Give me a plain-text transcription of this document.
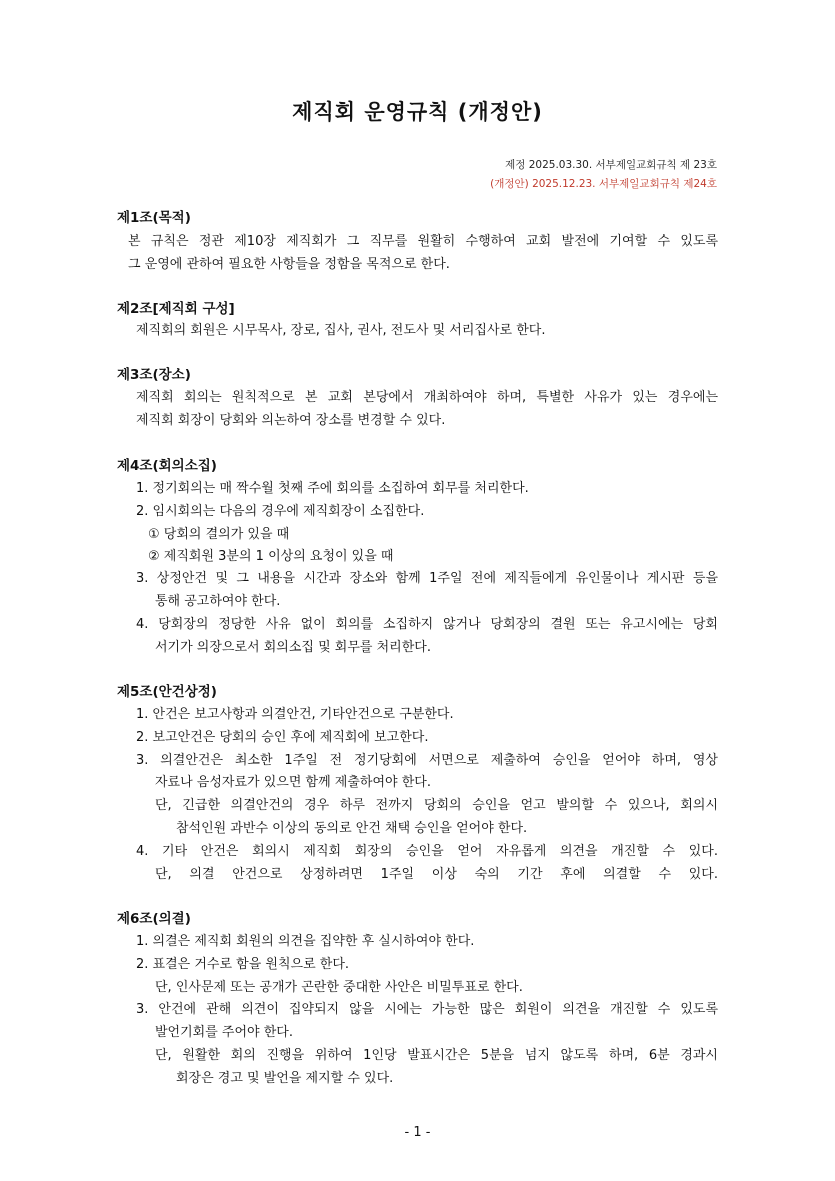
제직회 운영규칙 (개정안)
제정 2025.03.30. 서부제일교회규칙 제 23호
(개정안) 2025.12.23. 서부제일교회규칙 제24호
제1조(목적)
본 규칙은 정관 제10장 제직회가 그 직무를 원활히 수행하여 교회 발전에 기여할 수 있도록
그 운영에 관하여 필요한 사항들을 정함을 목적으로 한다.
제2조[제직회 구성]
제직회의 회원은 시무목사, 장로, 집사, 권사, 전도사 및 서리집사로 한다.
제3조(장소)
제직회 회의는 원칙적으로 본 교회 본당에서 개최하여야 하며, 특별한 사유가 있는 경우에는
제직회 회장이 당회와 의논하여 장소를 변경할 수 있다.
제4조(회의소집)
1. 정기회의는 매 짝수월 첫째 주에 회의를 소집하여 회무를 처리한다.
2. 임시회의는 다음의 경우에 제직회장이 소집한다.
① 당회의 결의가 있을 때
② 제직회원 3분의 1 이상의 요청이 있을 때
3. 상정안건 및 그 내용을 시간과 장소와 함께 1주일 전에 제직들에게 유인물이나 게시판 등을
통해 공고하여야 한다.
4. 당회장의 정당한 사유 없이 회의를 소집하지 않거나 당회장의 결원 또는 유고시에는 당회
서기가 의장으로서 회의소집 및 회무를 처리한다.
제5조(안건상정)
1. 안건은 보고사항과 의결안건, 기타안건으로 구분한다.
2. 보고안건은 당회의 승인 후에 제직회에 보고한다.
3. 의결안건은 최소한 1주일 전 정기당회에 서면으로 제출하여 승인을 얻어야 하며, 영상
자료나 음성자료가 있으면 함께 제출하여야 한다.
단, 긴급한 의결안건의 경우 하루 전까지 당회의 승인을 얻고 발의할 수 있으나, 회의시
참석인원 과반수 이상의 동의로 안건 채택 승인을 얻어야 한다.
4. 기타 안건은 회의시 제직회 회장의 승인을 얻어 자유롭게 의견을 개진할 수 있다.
단, 의결 안건으로 상정하려면 1주일 이상 숙의 기간 후에 의결할 수 있다.
제6조(의결)
1. 의결은 제직회 회원의 의견을 집약한 후 실시하여야 한다.
2. 표결은 거수로 함을 원칙으로 한다.
단, 인사문제 또는 공개가 곤란한 중대한 사안은 비밀투표로 한다.
3. 안건에 관해 의견이 집약되지 않을 시에는 가능한 많은 회원이 의견을 개진할 수 있도록
발언기회를 주어야 한다.
단, 원활한 회의 진행을 위하여 1인당 발표시간은 5분을 넘지 않도록 하며, 6분 경과시
회장은 경고 및 발언을 제지할 수 있다.
- 1 -
